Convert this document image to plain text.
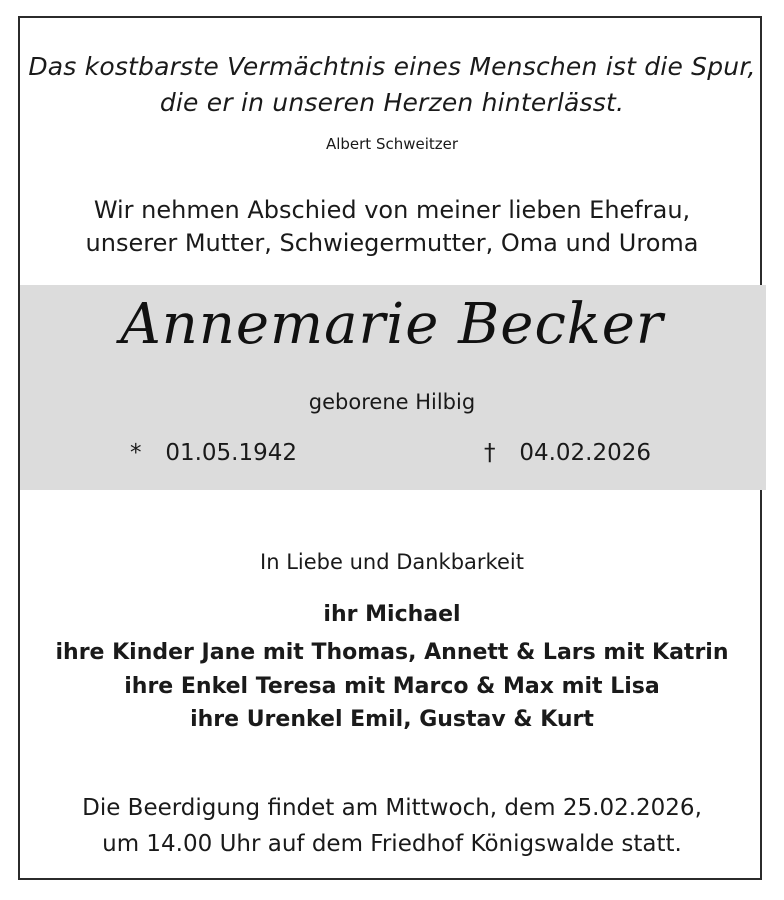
Das kostbarste Vermächtnis eines Menschen ist die Spur,
die er in unseren Herzen hinterlässt.
Albert Schweitzer
Wir nehmen Abschied von meiner lieben Ehefrau,
unserer Mutter, Schwiegermutter, Oma und Uroma
Annemarie Becker
geborene Hilbig
* 01.05.1942	† 04.02.2026
In Liebe und Dankbarkeit
ihr Michael
ihre Kinder Jane mit Thomas, Annett & Lars mit Katrin
ihre Enkel Teresa mit Marco & Max mit Lisa
ihre Urenkel Emil, Gustav & Kurt
Die Beerdigung findet am Mittwoch, dem 25.02.2026,
um 14.00 Uhr auf dem Friedhof Königswalde statt.
